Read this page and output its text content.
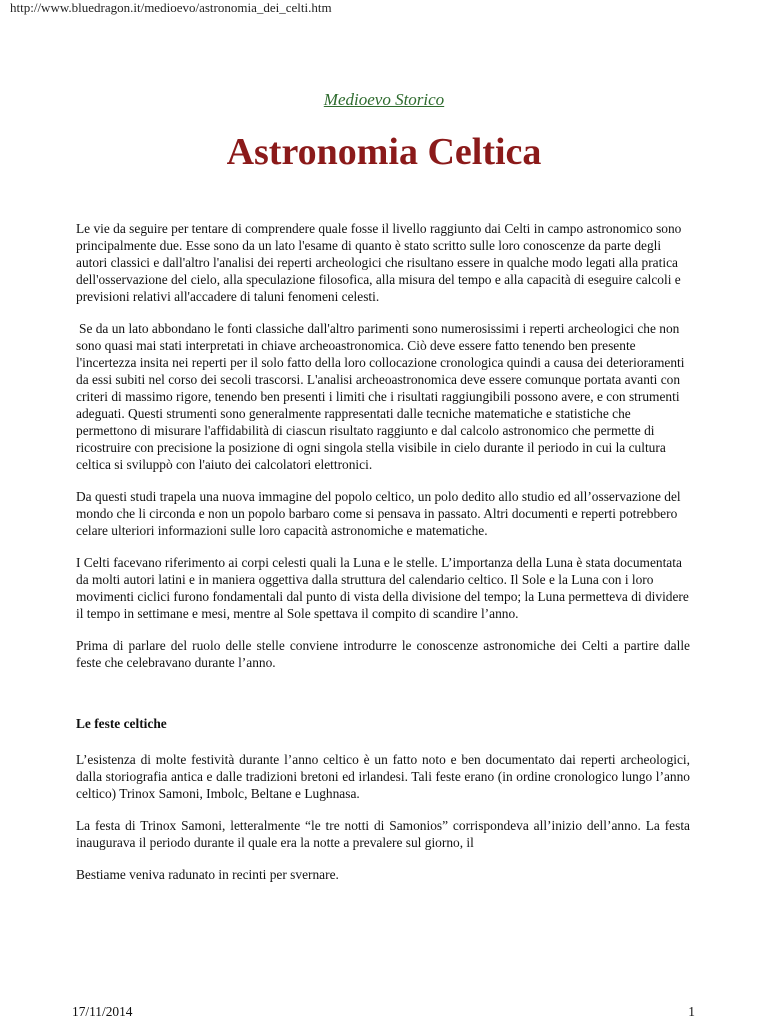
http://www.bluedragon.it/medioevo/astronomia_dei_celti.htm
Medioevo Storico
Astronomia Celtica

Le vie da seguire per tentare di comprendere quale fosse il livello raggiunto dai Celti in campo astronomico sono principalmente due. Esse sono da un lato l'esame di quanto è stato scritto sulle loro conoscenze da parte degli autori classici e dall'altro l'analisi dei reperti archeologici che risultano essere in qualche modo legati alla pratica dell'osservazione del cielo, alla speculazione filosofica, alla misura del tempo e alla capacità di eseguire calcoli e previsioni relativi all'accadere di taluni fenomeni celesti.

Se da un lato abbondano le fonti classiche dall'altro parimenti sono numerosissimi i reperti archeologici che non sono quasi mai stati interpretati in chiave archeoastronomica. Ciò deve essere fatto tenendo ben presente l'incertezza insita nei reperti per il solo fatto della loro collocazione cronologica quindi a causa dei deterioramenti da essi subiti nel corso dei secoli trascorsi. L'analisi archeoastronomica deve essere comunque portata avanti con criteri di massimo rigore, tenendo ben presenti i limiti che i risultati raggiungibili possono avere, e con strumenti adeguati. Questi strumenti sono generalmente rappresentati dalle tecniche matematiche e statistiche che permettono di misurare l'affidabilità di ciascun risultato raggiunto e dal calcolo astronomico che permette di ricostruire con precisione la posizione di ogni singola stella visibile in cielo durante il periodo in cui la cultura celtica si sviluppò con l'aiuto dei calcolatori elettronici.

Da questi studi trapela una nuova immagine del popolo celtico, un polo dedito allo studio ed all’osservazione del mondo che li circonda e non un popolo barbaro come si pensava in passato. Altri documenti e reperti potrebbero celare ulteriori informazioni sulle loro capacità astronomiche e matematiche.

I Celti facevano riferimento ai corpi celesti quali la Luna e le stelle. L’importanza della Luna è stata documentata da molti autori latini e in maniera oggettiva dalla struttura del calendario celtico. Il Sole e la Luna con i loro movimenti ciclici furono fondamentali dal punto di vista della divisione del tempo; la Luna permetteva di dividere il tempo in settimane e mesi, mentre al Sole spettava il compito di scandire l’anno.

Prima di parlare del ruolo delle stelle conviene introdurre le conoscenze astronomiche dei Celti a partire dalle feste che celebravano durante l’anno.

Le feste celtiche

L’esistenza di molte festività durante l’anno celtico è un fatto noto e ben documentato dai reperti archeologici, dalla storiografia antica e dalle tradizioni bretoni ed irlandesi. Tali feste erano (in ordine cronologico lungo l’anno celtico) Trinox Samoni, Imbolc, Beltane e Lughnasa.

La festa di Trinox Samoni, letteralmente “le tre notti di Samonios” corrispondeva all’inizio dell’anno. La festa inaugurava il periodo durante il quale era la notte a prevalere sul giorno, il

Bestiame veniva radunato in recinti per svernare.

17/11/2014	1
